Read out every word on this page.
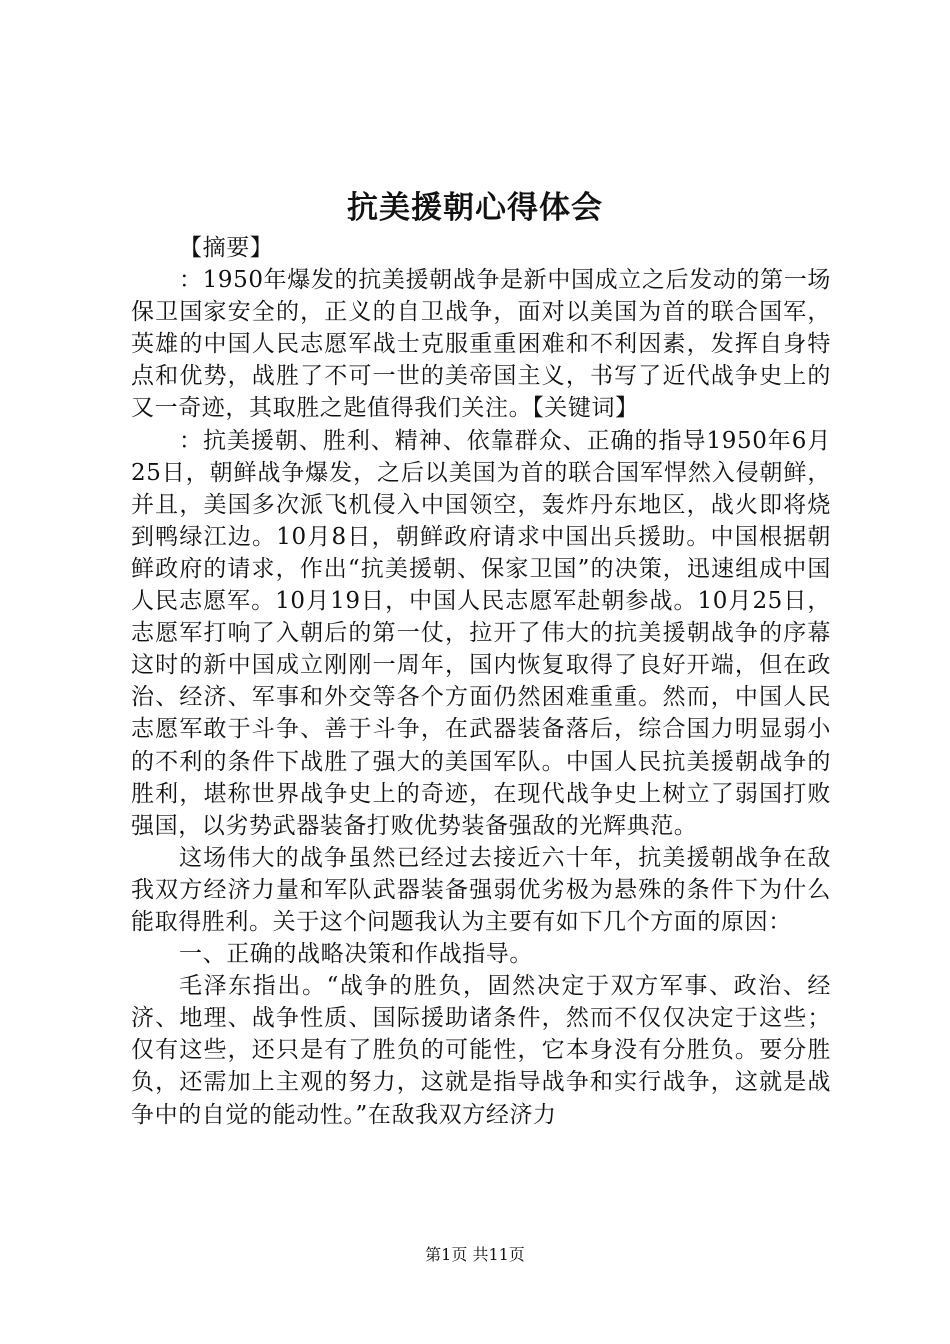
抗美援朝心得体会

【摘要】

：1950年爆发的抗美援朝战争是新中国成立之后发动的第一场保卫国家安全的，正义的自卫战争，面对以美国为首的联合国军，英雄的中国人民志愿军战士克服重重困难和不利因素，发挥自身特点和优势，战胜了不可一世的美帝国主义，书写了近代战争史上的又一奇迹，其取胜之匙值得我们关注。【关键词】

：抗美援朝、胜利、精神、依靠群众、正确的指导1950年6月25日，朝鲜战争爆发，之后以美国为首的联合国军悍然入侵朝鲜，并且，美国多次派飞机侵入中国领空，轰炸丹东地区，战火即将烧到鸭绿江边。10月8日，朝鲜政府请求中国出兵援助。中国根据朝鲜政府的请求，作出“抗美援朝、保家卫国”的决策，迅速组成中国人民志愿军。10月19日，中国人民志愿军赴朝参战。10月25日，志愿军打响了入朝后的第一仗，拉开了伟大的抗美援朝战争的序幕这时的新中国成立刚刚一周年，国内恢复取得了良好开端，但在政治、经济、军事和外交等各个方面仍然困难重重。然而，中国人民志愿军敢于斗争、善于斗争，在武器装备落后，综合国力明显弱小的不利的条件下战胜了强大的美国军队。中国人民抗美援朝战争的胜利，堪称世界战争史上的奇迹，在现代战争史上树立了弱国打败强国，以劣势武器装备打败优势装备强敌的光辉典范。

这场伟大的战争虽然已经过去接近六十年，抗美援朝战争在敌我双方经济力量和军队武器装备强弱优劣极为悬殊的条件下为什么能取得胜利。关于这个问题我认为主要有如下几个方面的原因：

一、正确的战略决策和作战指导。

毛泽东指出。“战争的胜负，固然决定于双方军事、政治、经济、地理、战争性质、国际援助诸条件，然而不仅仅决定于这些；仅有这些，还只是有了胜负的可能性，它本身没有分胜负。要分胜负，还需加上主观的努力，这就是指导战争和实行战争，这就是战争中的自觉的能动性。”在敌我双方经济力

第1页 共11页
